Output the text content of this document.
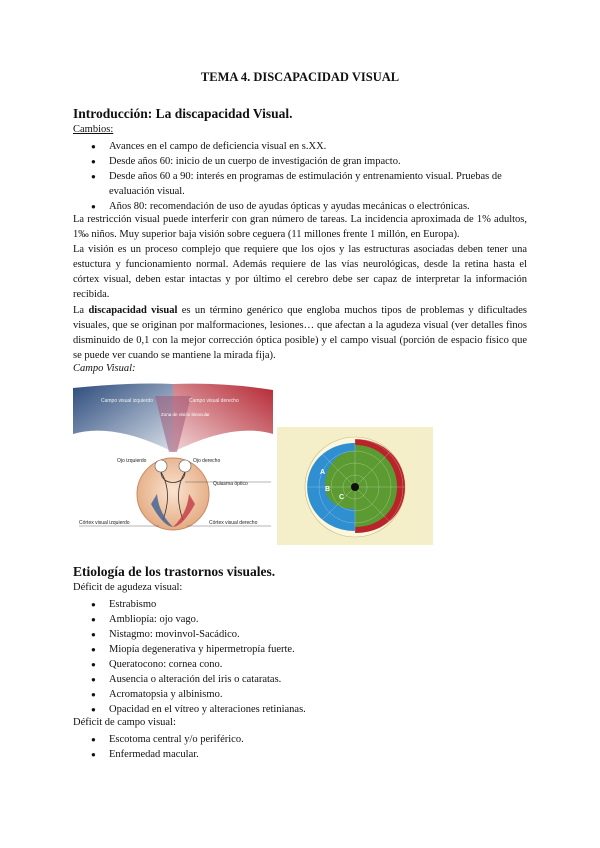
TEMA 4. DISCAPACIDAD VISUAL
Introducción: La discapacidad Visual.
Cambios:
● Avances en el campo de deficiencia visual en s.XX.
● Desde años 60: inicio de un cuerpo de investigación de gran impacto.
● Desde años 60 a 90: interés en programas de estimulación y entrenamiento visual. Pruebas de evaluación visual.
● Años 80: recomendación de uso de ayudas ópticas y ayudas mecánicas o electrónicas.
La restricción visual puede interferir con gran número de tareas. La incidencia aproximada de 1% adultos, 1‰ niños. Muy superior baja visión sobre ceguera (11 millones frente 1 millón, en Europa).
La visión es un proceso complejo que requiere que los ojos y las estructuras asociadas deben tener una estuctura y funcionamiento normal. Además requiere de las vías neurológicas, desde la retina hasta el córtex visual, deben estar intactas y por último el cerebro debe ser capaz de interpretar la información recibida.
La discapacidad visual es un término genérico que engloba muchos tipos de problemas y dificultades visuales, que se originan por malformaciones, lesiones… que afectan a la agudeza visual (ver detalles finos disminuido de 0,1 con la mejor corrección óptica posible) y el campo visual (porción de espacio físico que se puede ver cuando se mantiene la mirada fija).
Campo Visual:
Campo visual izquierdo	Campo visual derecho
Zona de visión binocular
Ojo izquierdo	Ojo derecho
Quiasma óptico
Córtex visual izquierdo	Córtex visual derecho
A
B
C
Etiología de los trastornos visuales.
Déficit de agudeza visual:
● Estrabismo
● Ambliopía: ojo vago.
● Nistagmo: movinvol-Sacádico.
● Miopía degenerativa y hipermetropía fuerte.
● Queratocono: cornea cono.
● Ausencia o alteración del iris o cataratas.
● Acromatopsia y albinismo.
● Opacidad en el vítreo y alteraciones retinianas.
Déficit de campo visual:
● Escotoma central y/o periférico.
● Enfermedad macular.
